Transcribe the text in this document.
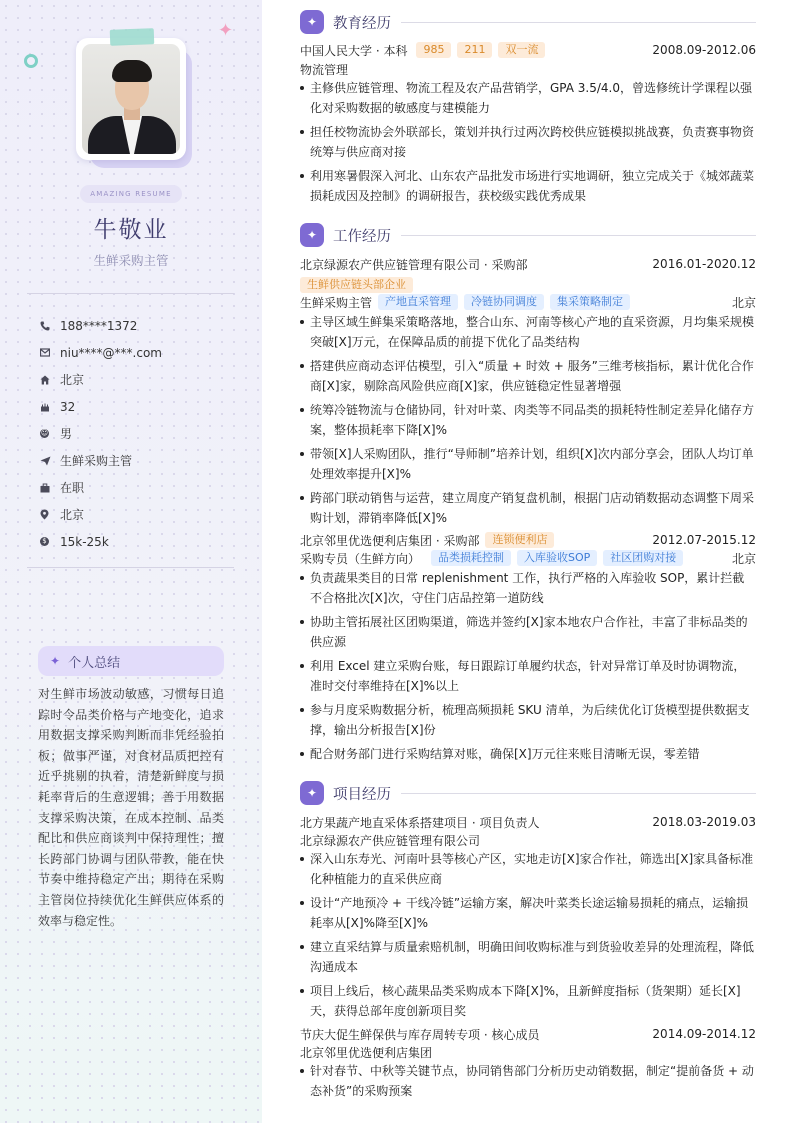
✦
AMAZING RESUME
牛敬业
生鲜采购主管
188****1372
niu****@***.com
北京
32
☺ 男
生鲜采购主管
在职
北京
$ 15k-25k
✦ 个人总结

对生鲜市场波动敏感，习惯每日追踪时令品类价格与产地变化，追求用数据支撑采购判断而非凭经验拍板；做事严谨，对食材品质把控有近乎挑剔的执着，清楚新鲜度与损耗率背后的生意逻辑；善于用数据支撑采购决策，在成本控制、品类配比和供应商谈判中保持理性；擅长跨部门协调与团队带教，能在快节奏中维持稳定产出；期待在采购主管岗位持续优化生鲜供应体系的效率与稳定性。

✦	教育经历
中国人民大学 · 本科	985	211	双一流	2008.09-2012.06
物流管理
主修供应链管理、物流工程及农产品营销学，GPA 3.5/4.0，曾选修统计学课程以强化对采购数据的敏感度与建模能力
担任校物流协会外联部长，策划并执行过两次跨校供应链模拟挑战赛，负责赛事物资统筹与供应商对接
利用寒暑假深入河北、山东农产品批发市场进行实地调研，独立完成关于《城郊蔬菜损耗成因及控制》的调研报告，获校级实践优秀成果
✦	工作经历
北京绿源农产供应链管理有限公司 · 采购部	2016.01-2020.12
生鲜供应链头部企业
生鲜采购主管	产地直采管理	冷链协同调度	集采策略制定	北京
主导区域生鲜集采策略落地，整合山东、河南等核心产地的直采资源，月均集采规模突破[X]万元，在保障品质的前提下优化了品类结构
搭建供应商动态评估模型，引入“质量 + 时效 + 服务”三维考核指标，累计优化合作商[X]家，剔除高风险供应商[X]家，供应链稳定性显著增强
统筹冷链物流与仓储协同，针对叶菜、肉类等不同品类的损耗特性制定差异化储存方案，整体损耗率下降[X]%
带领[X]人采购团队，推行“导师制”培养计划，组织[X]次内部分享会，团队人均订单处理效率提升[X]%
跨部门联动销售与运营，建立周度产销复盘机制，根据门店动销数据动态调整下周采购计划，滞销率降低[X]%
北京邻里优选便利店集团 · 采购部	连锁便利店	2012.07-2015.12
采购专员（生鲜方向）	品类损耗控制	入库验收SOP	社区团购对接	北京
负责蔬果类目的日常 replenishment 工作，执行严格的入库验收 SOP，累计拦截不合格批次[X]次，守住门店品控第一道防线
协助主管拓展社区团购渠道，筛选并签约[X]家本地农户合作社，丰富了非标品类的供应源
利用 Excel 建立采购台账，每日跟踪订单履约状态，针对异常订单及时协调物流，准时交付率维持在[X]%以上
参与月度采购数据分析，梳理高频损耗 SKU 清单，为后续优化订货模型提供数据支撑，输出分析报告[X]份
配合财务部门进行采购结算对账，确保[X]万元往来账目清晰无误，零差错
✦	项目经历
北方果蔬产地直采体系搭建项目 · 项目负责人	2018.03-2019.03
北京绿源农产供应链管理有限公司
深入山东寿光、河南叶县等核心产区，实地走访[X]家合作社，筛选出[X]家具备标准化种植能力的直采供应商
设计“产地预冷 + 干线冷链”运输方案，解决叶菜类长途运输易损耗的痛点，运输损耗率从[X]%降至[X]%
建立直采结算与质量索赔机制，明确田间收购标准与到货验收差异的处理流程，降低沟通成本
项目上线后，核心蔬果品类采购成本下降[X]%，且新鲜度指标（货架期）延长[X]天，获得总部年度创新项目奖
节庆大促生鲜保供与库存周转专项 · 核心成员	2014.09-2014.12
北京邻里优选便利店集团
针对春节、中秋等关键节点，协同销售部门分析历史动销数据，制定“提前备货 + 动态补货”的采购预案
